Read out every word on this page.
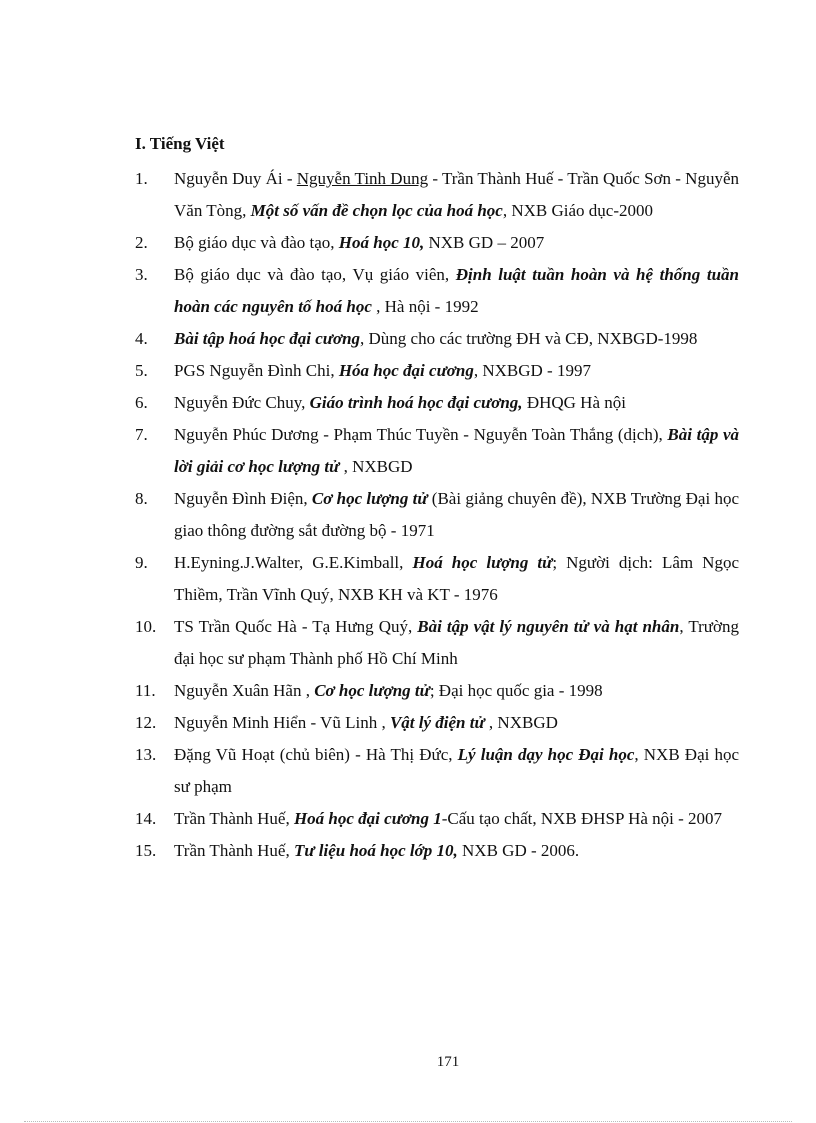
I. Tiếng Việt
1. Nguyễn Duy Ái - Nguyễn Tinh Dung - Trần Thành Huế - Trần Quốc Sơn - Nguyễn Văn Tòng, Một số vấn đề chọn lọc của hoá học, NXB Giáo dục-2000
2. Bộ giáo dục và đào tạo, Hoá học 10, NXB GD – 2007
3. Bộ giáo dục và đào tạo, Vụ giáo viên, Định luật tuần hoàn và hệ thống tuần hoàn các nguyên tố hoá học , Hà nội - 1992
4. Bài tập hoá học đại cương, Dùng cho các trường ĐH và CĐ, NXBGD-1998
5. PGS Nguyễn Đình Chi, Hóa học đại cương, NXBGD - 1997
6. Nguyễn Đức Chuy, Giáo trình hoá học đại cương, ĐHQG Hà nội
7. Nguyễn Phúc Dương - Phạm Thúc Tuyền - Nguyễn Toàn Thắng (dịch), Bài tập và lời giải cơ học lượng tử , NXBGD
8. Nguyễn Đình Điện, Cơ học lượng tử (Bài giảng chuyên đề), NXB Trường Đại học giao thông đường sắt đường bộ - 1971
9. H.Eyning.J.Walter, G.E.Kimball, Hoá học lượng tử; Người dịch: Lâm Ngọc Thiềm, Trần Vĩnh Quý, NXB KH và KT - 1976
10. TS Trần Quốc Hà - Tạ Hưng Quý, Bài tập vật lý nguyên tử và hạt nhân, Trường đại học sư phạm Thành phố Hồ Chí Minh
11. Nguyễn Xuân Hãn , Cơ học lượng tử; Đại học quốc gia - 1998
12. Nguyễn Minh Hiển - Vũ Linh , Vật lý điện tử , NXBGD
13. Đặng Vũ Hoạt (chủ biên) - Hà Thị Đức, Lý luận dạy học Đại học, NXB Đại học sư phạm
14. Trần Thành Huế, Hoá học đại cương 1-Cấu tạo chất, NXB ĐHSP Hà nội - 2007
15. Trần Thành Huế, Tư liệu hoá học lớp 10, NXB GD - 2006.
171
